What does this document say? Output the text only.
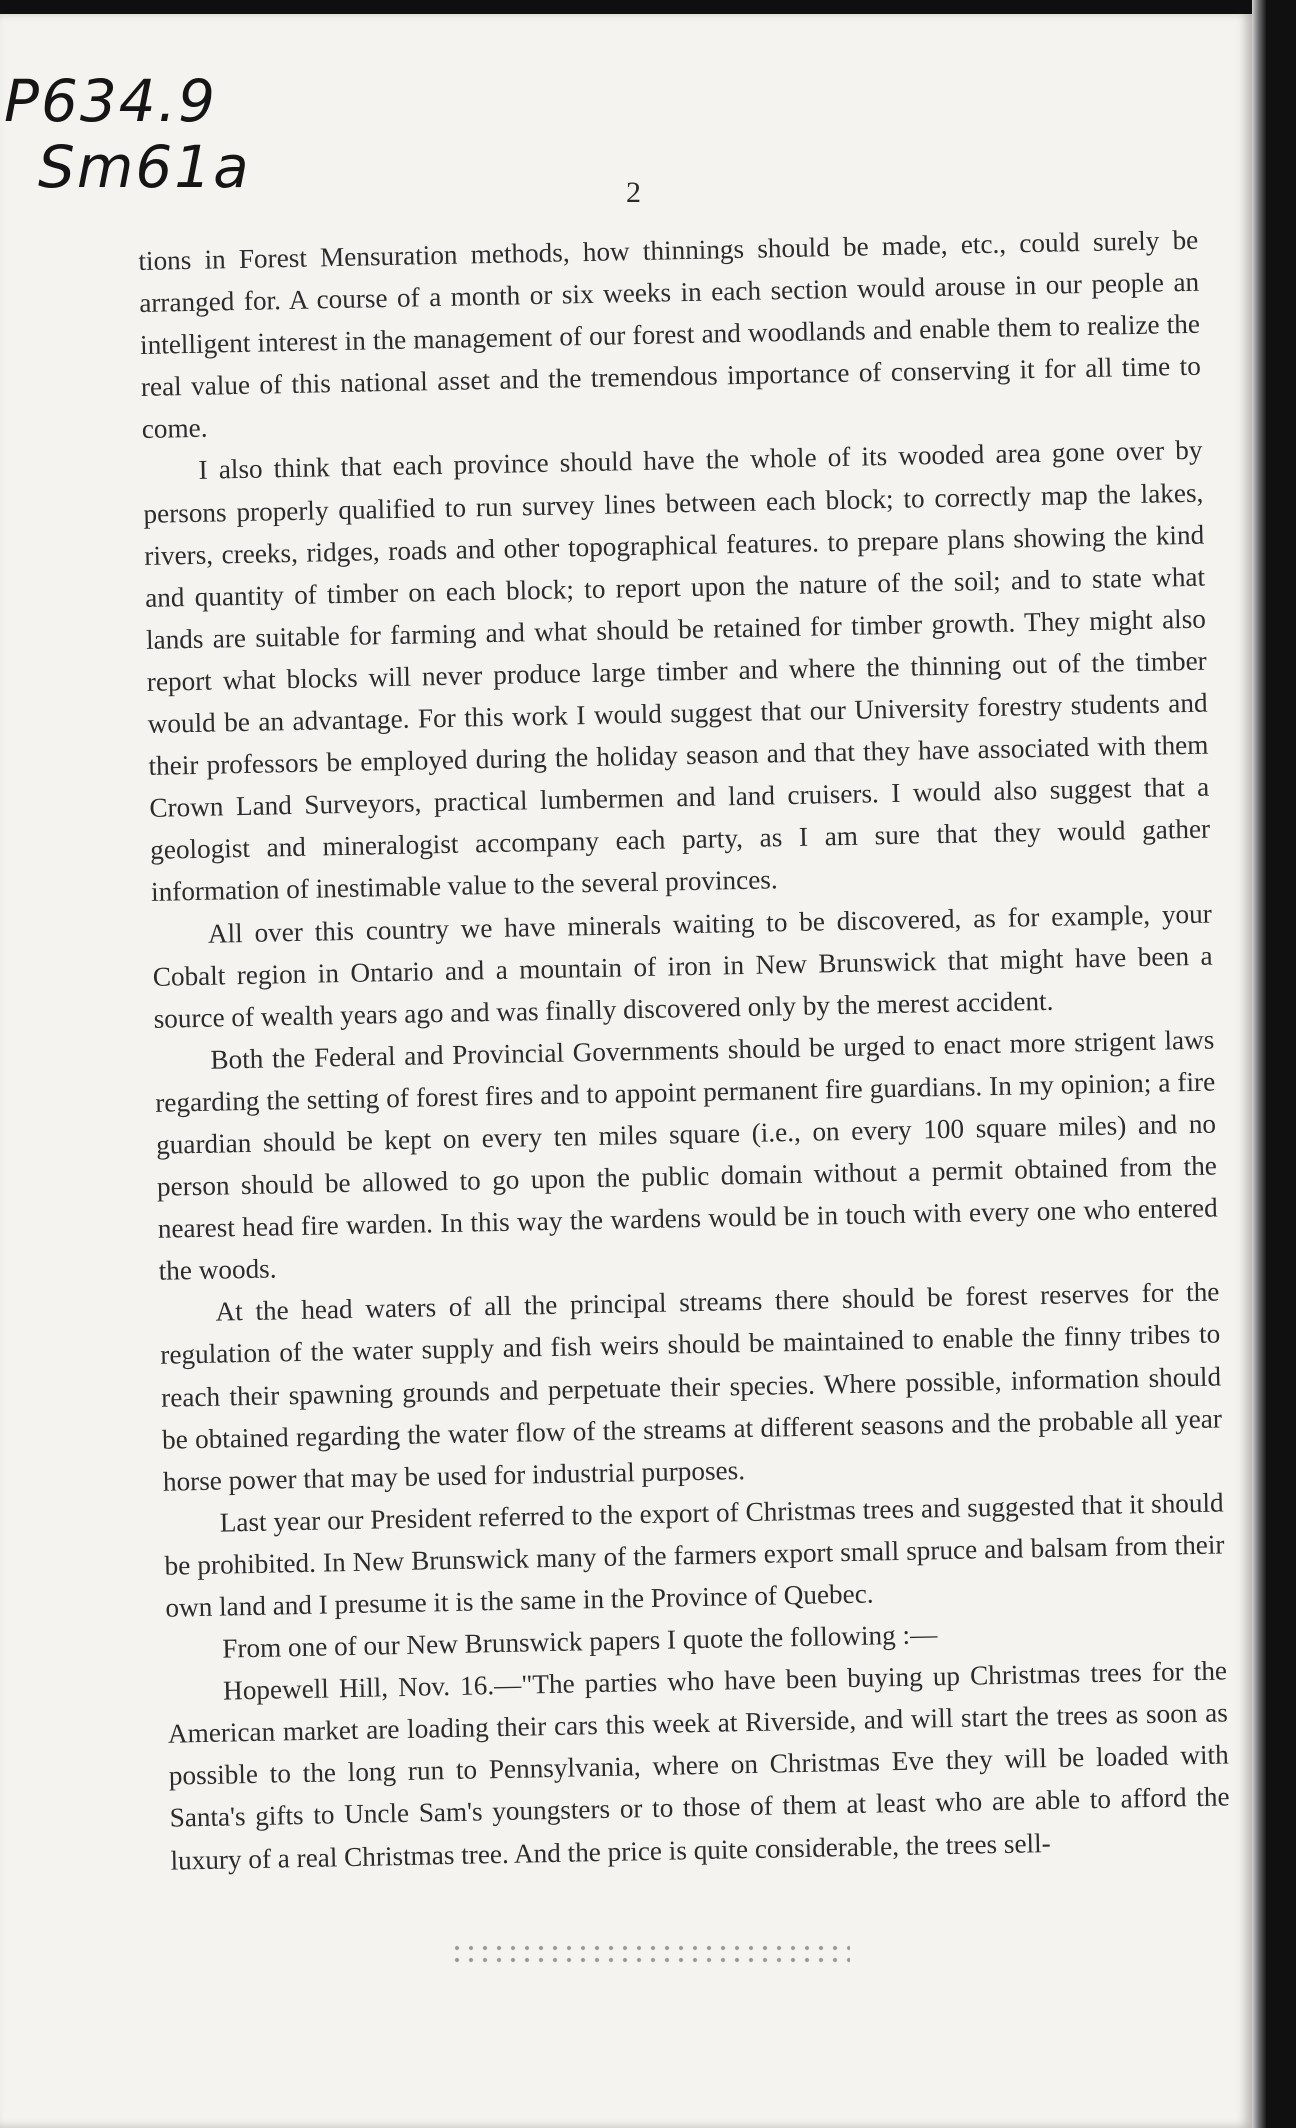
P634.9
Sm61a	2

tions in Forest Mensuration methods, how thinnings should be made, etc., could surely be arranged for. A course of a month or six weeks in each section would arouse in our people an intelligent interest in the management of our forest and woodlands and enable them to realize the real value of this national asset and the tremendous importance of conserving it for all time to come.

I also think that each province should have the whole of its wooded area gone over by persons properly qualified to run survey lines between each block; to correctly map the lakes, rivers, creeks, ridges, roads and other topographical features. to prepare plans showing the kind and quantity of timber on each block; to report upon the nature of the soil; and to state what lands are suitable for farming and what should be retained for timber growth. They might also report what blocks will never produce large timber and where the thinning out of the timber would be an advantage. For this work I would suggest that our University forestry students and their professors be employed during the holiday season and that they have associated with them Crown Land Surveyors, practical lumbermen and land cruisers. I would also suggest that a geologist and mineralogist accompany each party, as I am sure that they would gather information of inestimable value to the several provinces.

All over this country we have minerals waiting to be discovered, as for example, your Cobalt region in Ontario and a mountain of iron in New Brunswick that might have been a source of wealth years ago and was finally discovered only by the merest accident.

Both the Federal and Provincial Governments should be urged to enact more strigent laws regarding the setting of forest fires and to appoint permanent fire guardians. In my opinion; a fire guardian should be kept on every ten miles square (i.e., on every 100 square miles) and no person should be allowed to go upon the public domain without a permit obtained from the nearest head fire warden. In this way the wardens would be in touch with every one who entered the woods.

At the head waters of all the principal streams there should be forest reserves for the regulation of the water supply and fish weirs should be maintained to enable the finny tribes to reach their spawning grounds and perpetuate their species. Where possible, information should be obtained regarding the water flow of the streams at different seasons and the probable all year horse power that may be used for industrial purposes.

Last year our President referred to the export of Christmas trees and suggested that it should be prohibited. In New Brunswick many of the farmers export small spruce and balsam from their own land and I presume it is the same in the Province of Quebec.

From one of our New Brunswick papers I quote the following :—

Hopewell Hill, Nov. 16.—"The parties who have been buying up Christmas trees for the American market are loading their cars this week at Riverside, and will start the trees as soon as possible to the long run to Pennsylvania, where on Christmas Eve they will be loaded with Santa's gifts to Uncle Sam's youngsters or to those of them at least who are able to afford the luxury of a real Christmas tree. And the price is quite considerable, the trees sell-
